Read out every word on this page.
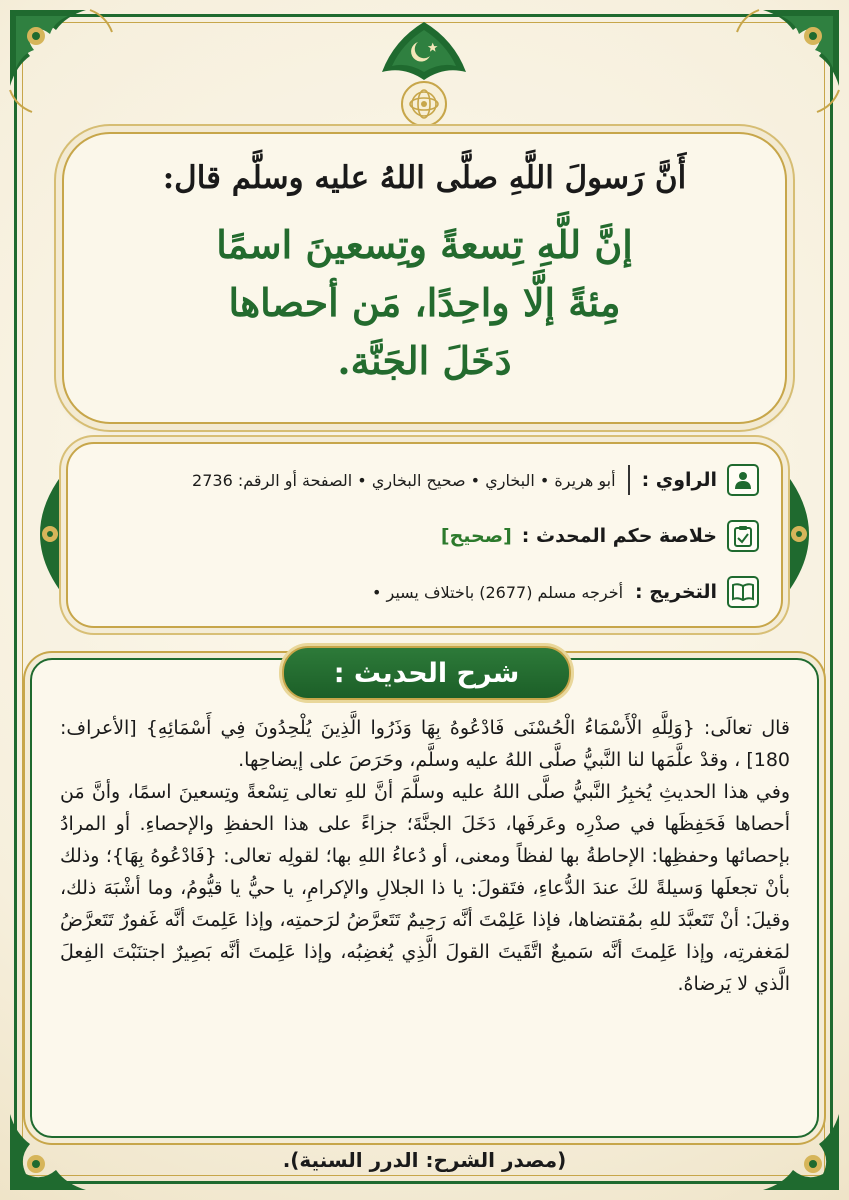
أَنَّ رَسولَ اللَّهِ صلَّى اللهُ عليه وسلَّم قال:
إنَّ للَّهِ تِسعةً وتِسعينَ اسمًا
مِئةً إلَّا واحِدًا، مَن أحصاها
دَخَلَ الجَنَّة.
الراوي :
أبو هريرة • البخاري • صحيح البخاري • الصفحة أو الرقم: 2736
خلاصة حكم المحدث :
[صحيح]
التخريج :
أخرجه مسلم (2677) باختلاف يسير •
شرح الحديث :

قال تعالَى: {وَلِلَّهِ الْأَسْمَاءُ الْحُسْنَى فَادْعُوهُ بِهَا وَذَرُوا الَّذِينَ يُلْحِدُونَ فِي أَسْمَائِهِ} [الأعراف: 180] ، وقدْ علَّمَها لنا النَّبيُّ صلَّى اللهُ عليه وسلَّم، وحَرَصَ على إيضاحِها.

وفي هذا الحديثِ يُخبِرُ النَّبيُّ صلَّى اللهُ عليه وسلَّمَ أنَّ للهِ تعالى تِسْعةً وتِسعينَ اسمًا، وأنَّ مَن أحصاها فَحَفِظَها في صدْرِه وعَرفَها، دَخَلَ الجنَّةَ؛ جزاءً على هذا الحفظِ والإحصاءِ. أو المرادُ بإحصائها وحفظِها: الإحاطةُ بها لفظاً ومعنى، أو دُعاءُ اللهِ بها؛ لقولِه تعالى: {فَادْعُوهُ بِهَا}؛ وذلك بأنْ تجعلَها وَسيلةً لكَ عندَ الدُّعاءِ، فتَقولَ: يا ذا الجلالِ والإكرامِ، يا حيُّ يا قيُّومُ، وما أشْبَهَ ذلك، وقيلَ: أنْ تَتَعبَّدَ للهِ بمُقتضاها، فإذا عَلِمْتَ أنَّه رَحِيمٌ تَتَعرَّضُ لرَحمتِه، وإذا عَلِمتَ أنَّه غَفورٌ تَتَعرَّضُ لمَغفرتِه، وإذا عَلِمتَ أنَّه سَميعٌ اتَّقَيتَ القولَ الَّذِي يُغضِبُه، وإذا عَلِمتَ أنَّه بَصِيرٌ اجتنَبْتَ الفِعلَ الَّذي لا يَرضاهُ.

(مصدر الشرح: الدرر السنية).
